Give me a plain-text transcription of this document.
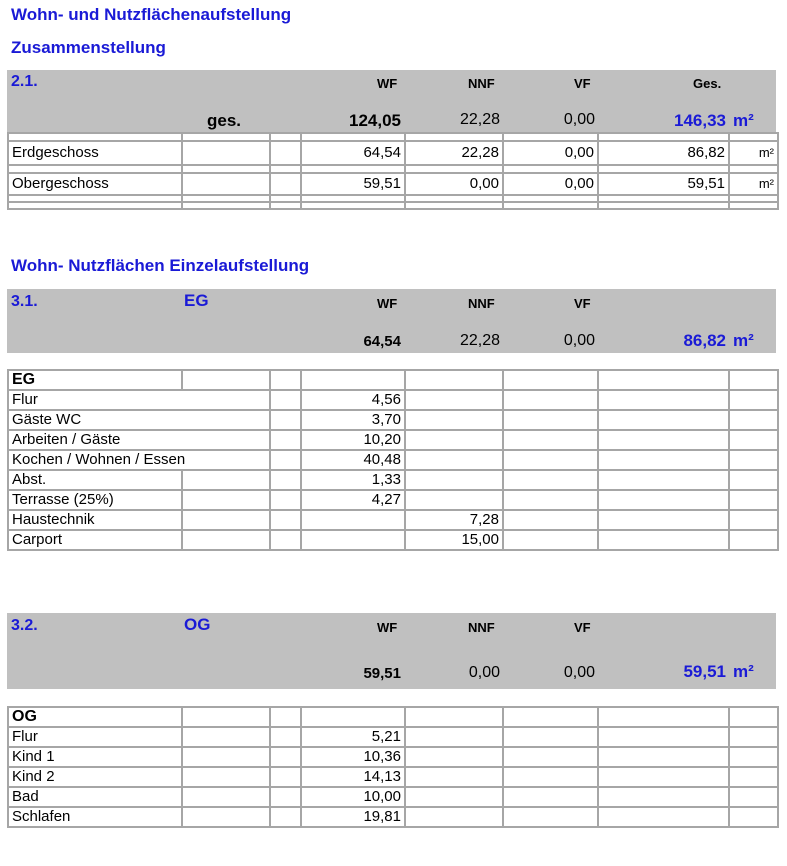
Wohn- und Nutzflächenaufstellung
Zusammenstellung
2.1.	WF	NNF	VF	Ges.
ges.	124,05	22,28	0,00	146,33 m²

Erdgeschoss			64,54	22,28	0,00	86,82	m²

Obergeschoss			59,51	0,00	0,00	59,51	m²

Wohn- Nutzflächen Einzelaufstellung
3.1.	EG	WF	NNF	VF
64,54	22,28	0,00	86,82 m²
EG							
Flur			4,56				
Gäste WC			3,70				
Arbeiten / Gäste			10,20				
Kochen / Wohnen / Essen			40,48				
Abst.			1,33				
Terrasse (25%)			4,27				
Haustechnik				7,28			
Carport				15,00			
3.2.	OG	WF	NNF	VF
59,51	0,00	0,00	59,51 m²
OG							
Flur			5,21				
Kind 1			10,36				
Kind 2			14,13				
Bad			10,00				
Schlafen			19,81				
